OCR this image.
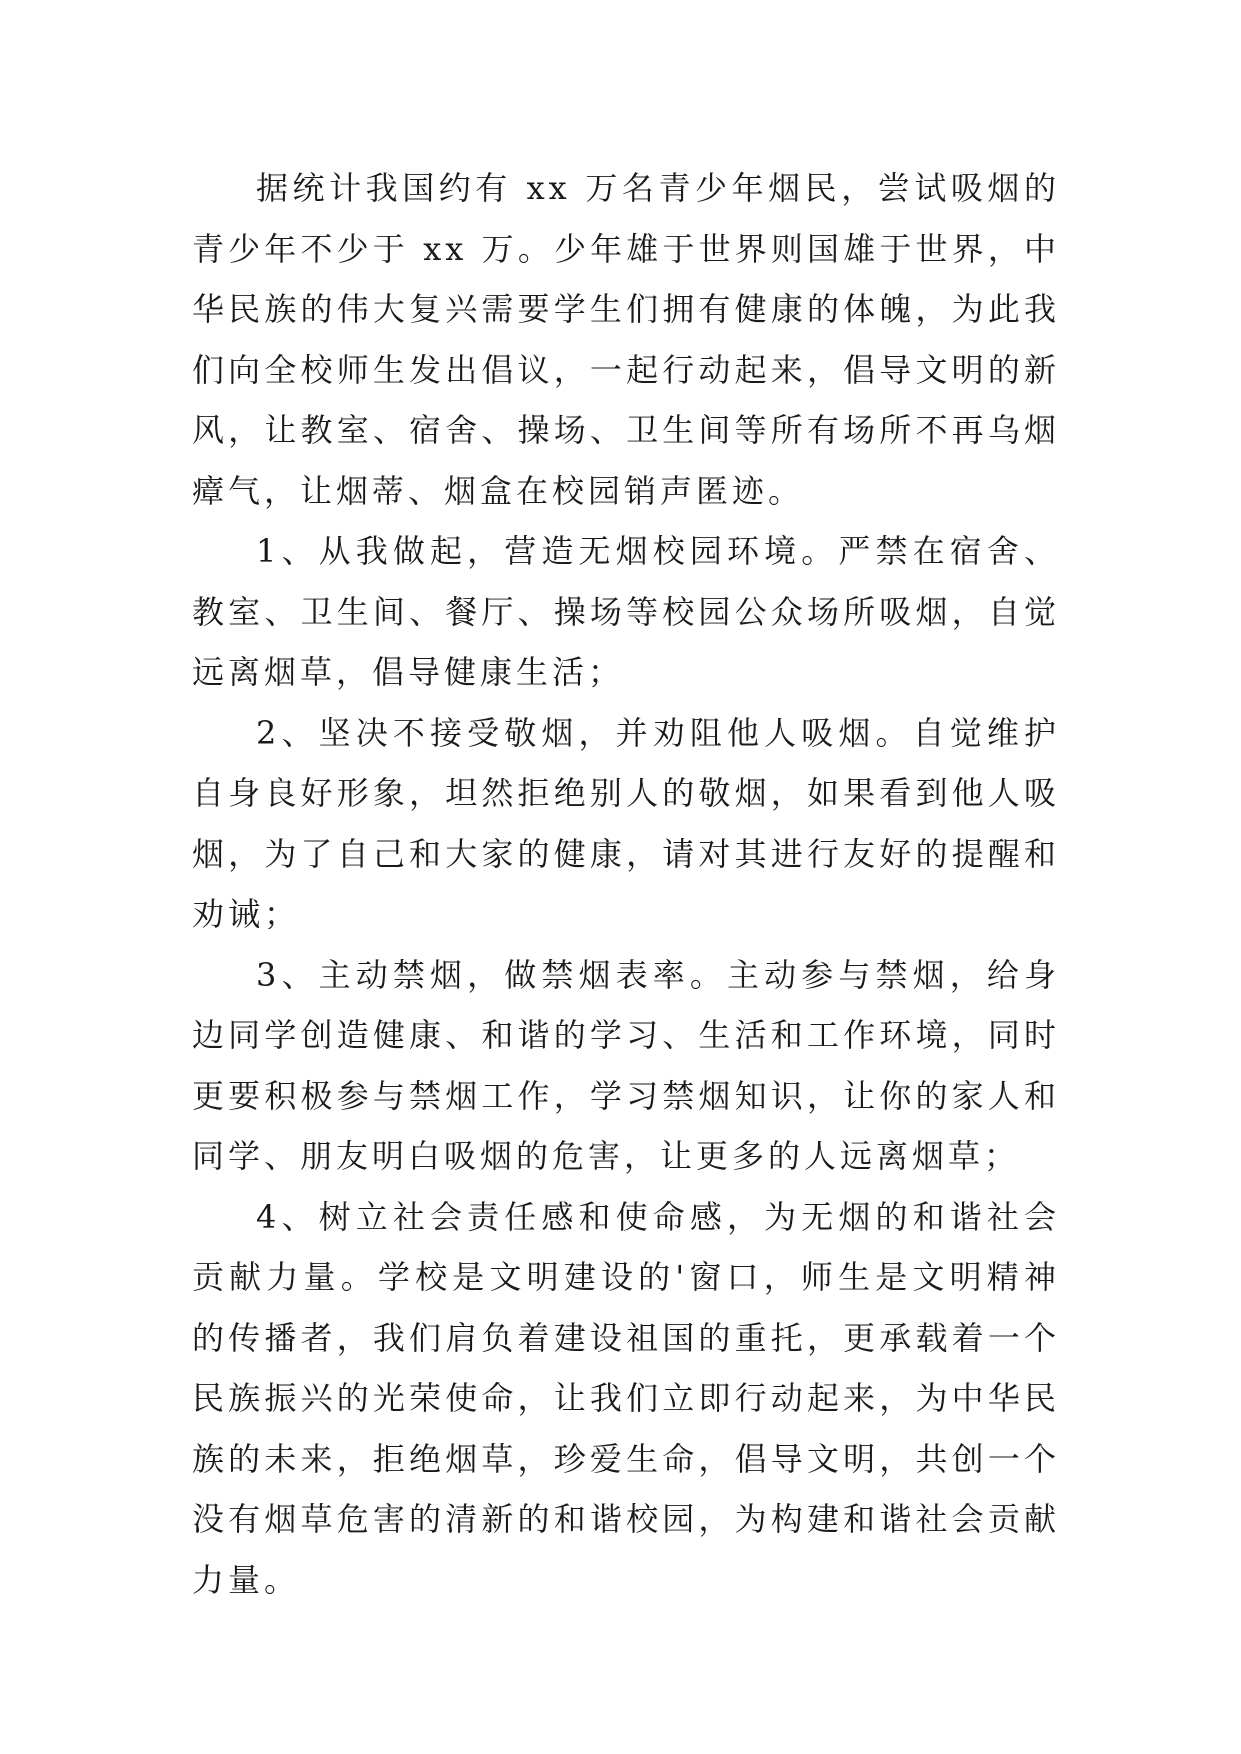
据统计我国约有 xx 万名青少年烟民，尝试吸烟的青少年不少于 xx 万。少年雄于世界则国雄于世界，中华民族的伟大复兴需要学生们拥有健康的体魄，为此我们向全校师生发出倡议，一起行动起来，倡导文明的新风，让教室、宿舍、操场、卫生间等所有场所不再乌烟瘴气，让烟蒂、烟盒在校园销声匿迹。

1、从我做起，营造无烟校园环境。严禁在宿舍、教室、卫生间、餐厅、操场等校园公众场所吸烟，自觉远离烟草，倡导健康生活；

2、坚决不接受敬烟，并劝阻他人吸烟。自觉维护自身良好形象，坦然拒绝别人的敬烟，如果看到他人吸烟，为了自己和大家的健康，请对其进行友好的提醒和劝诫；

3、主动禁烟，做禁烟表率。主动参与禁烟，给身边同学创造健康、和谐的学习、生活和工作环境，同时更要积极参与禁烟工作，学习禁烟知识，让你的家人和同学、朋友明白吸烟的危害，让更多的人远离烟草；

4、树立社会责任感和使命感，为无烟的和谐社会贡献力量。学校是文明建设的'窗口，师生是文明精神的传播者，我们肩负着建设祖国的重托，更承载着一个民族振兴的光荣使命，让我们立即行动起来，为中华民族的未来，拒绝烟草，珍爱生命，倡导文明，共创一个没有烟草危害的清新的和谐校园，为构建和谐社会贡献力量。
